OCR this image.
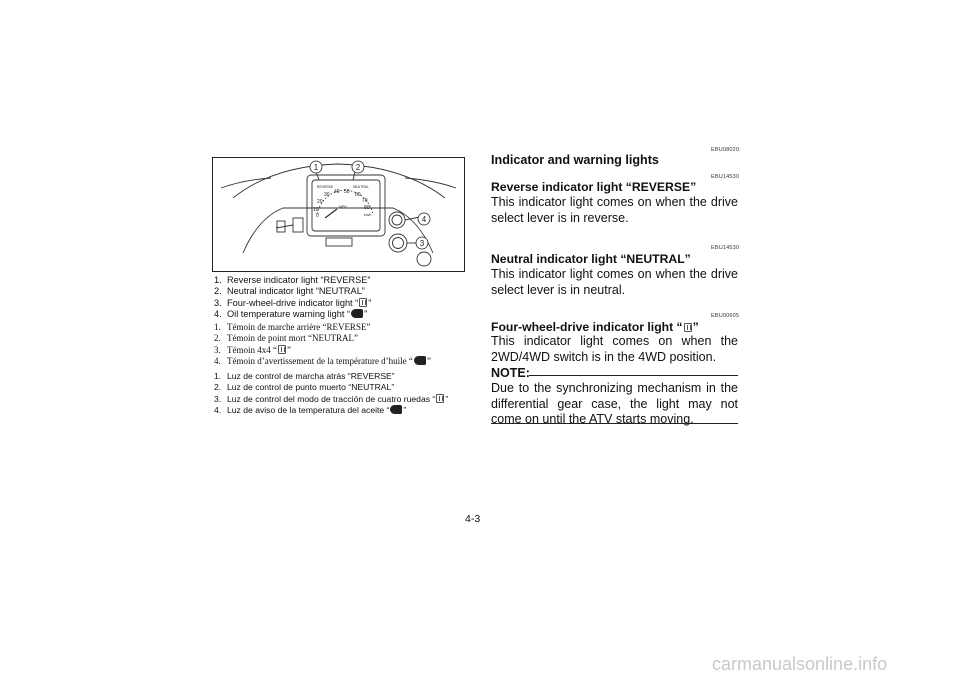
1	2
3
4
REVERSE	NEUTRAL
20
30 40 50 60
70
80
10
0
MPH
km/h
1. Reverse indicator light “REVERSE”
2. Neutral indicator light “NEUTRAL”
3. Four-wheel-drive indicator light “ ”
4. Oil temperature warning light “ ”
1. Témoin de marche arrière “REVERSE”
2. Témoin de point mort “NEUTRAL”
3. Témoin 4x4 “ ”
4. Témoin d’avertissement de la température d’huile “ ”
1. Luz de control de marcha atrás “REVERSE”
2. Luz de control de punto muerto “NEUTRAL”
3. Luz de control del modo de tracción de cuatro ruedas “ ”
4. Luz de aviso de la temperatura del aceite “ ”
EBU08020
Indicator and warning lights
EBU14530
Reverse indicator light “REVERSE”
This indicator light comes on when the drive select lever is in reverse.
EBU14530
Neutral indicator light “NEUTRAL”
This indicator light comes on when the drive select lever is in neutral.
EBU00605
Four-wheel-drive indicator light “ ”
This indicator light comes on when the 2WD/4WD switch is in the 4WD position.
NOTE:
Due to the synchronizing mechanism in the differential gear case, the light may not come on until the ATV starts moving.
4-3
carmanualsonline.info
